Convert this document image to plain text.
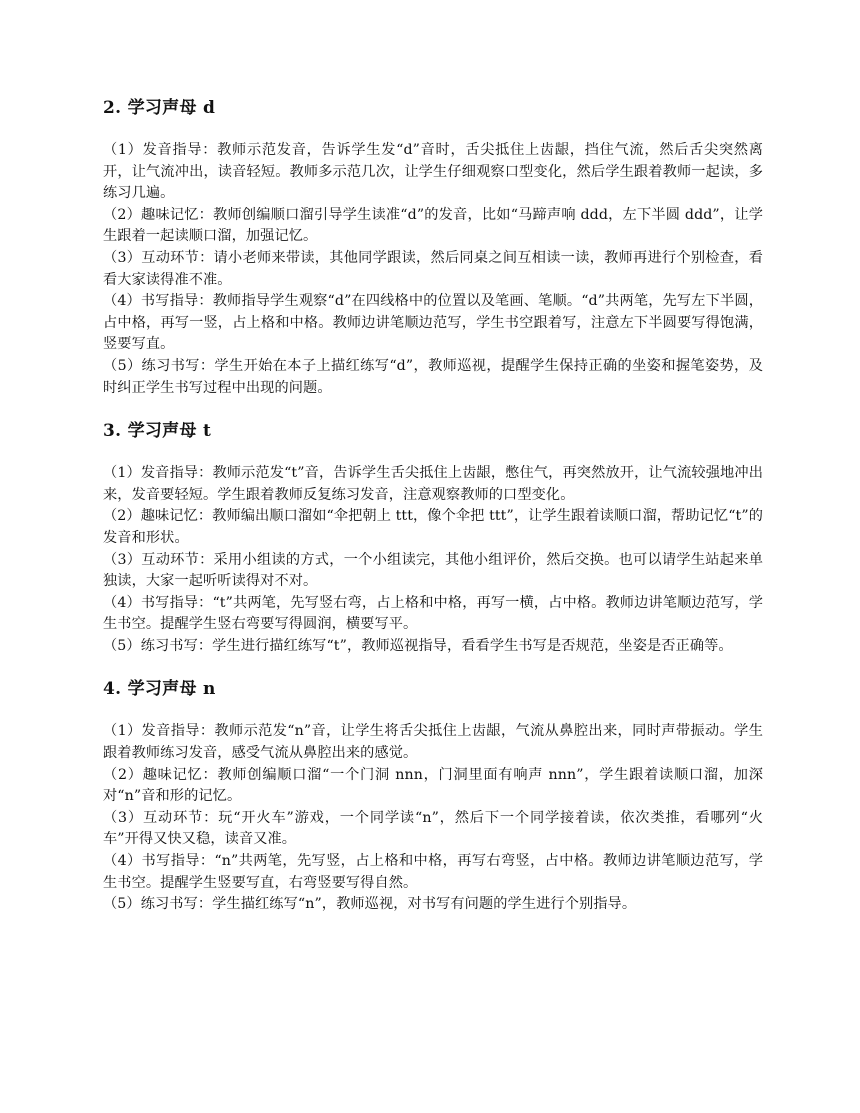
2. 学习声母 d

（1）发音指导：教师示范发音，告诉学生发“d”音时，舌尖抵住上齿龈，挡住气流，然后舌尖突然离开，让气流冲出，读音轻短。教师多示范几次，让学生仔细观察口型变化，然后学生跟着教师一起读，多练习几遍。

（2）趣味记忆：教师创编顺口溜引导学生读准“d”的发音，比如“马蹄声响 ddd，左下半圆 ddd”，让学生跟着一起读顺口溜，加强记忆。

（3）互动环节：请小老师来带读，其他同学跟读，然后同桌之间互相读一读，教师再进行个别检查，看看大家读得准不准。

（4）书写指导：教师指导学生观察“d”在四线格中的位置以及笔画、笔顺。“d”共两笔，先写左下半圆，占中格，再写一竖，占上格和中格。教师边讲笔顺边范写，学生书空跟着写，注意左下半圆要写得饱满，竖要写直。

（5）练习书写：学生开始在本子上描红练写“d”，教师巡视，提醒学生保持正确的坐姿和握笔姿势，及时纠正学生书写过程中出现的问题。

3. 学习声母 t

（1）发音指导：教师示范发“t”音，告诉学生舌尖抵住上齿龈，憋住气，再突然放开，让气流较强地冲出来，发音要轻短。学生跟着教师反复练习发音，注意观察教师的口型变化。

（2）趣味记忆：教师编出顺口溜如“伞把朝上 ttt，像个伞把 ttt”，让学生跟着读顺口溜，帮助记忆“t”的发音和形状。

（3）互动环节：采用小组读的方式，一个小组读完，其他小组评价，然后交换。也可以请学生站起来单独读，大家一起听听读得对不对。

（4）书写指导：“t”共两笔，先写竖右弯，占上格和中格，再写一横，占中格。教师边讲笔顺边范写，学生书空。提醒学生竖右弯要写得圆润，横要写平。

（5）练习书写：学生进行描红练写“t”，教师巡视指导，看看学生书写是否规范，坐姿是否正确等。

4. 学习声母 n

（1）发音指导：教师示范发“n”音，让学生将舌尖抵住上齿龈，气流从鼻腔出来，同时声带振动。学生跟着教师练习发音，感受气流从鼻腔出来的感觉。

（2）趣味记忆：教师创编顺口溜“一个门洞 nnn，门洞里面有响声 nnn”，学生跟着读顺口溜，加深对“n”音和形的记忆。

（3）互动环节：玩“开火车”游戏，一个同学读“n”，然后下一个同学接着读，依次类推，看哪列“火车”开得又快又稳，读音又准。

（4）书写指导：“n”共两笔，先写竖，占上格和中格，再写右弯竖，占中格。教师边讲笔顺边范写，学生书空。提醒学生竖要写直，右弯竖要写得自然。

（5）练习书写：学生描红练写“n”，教师巡视，对书写有问题的学生进行个别指导。
